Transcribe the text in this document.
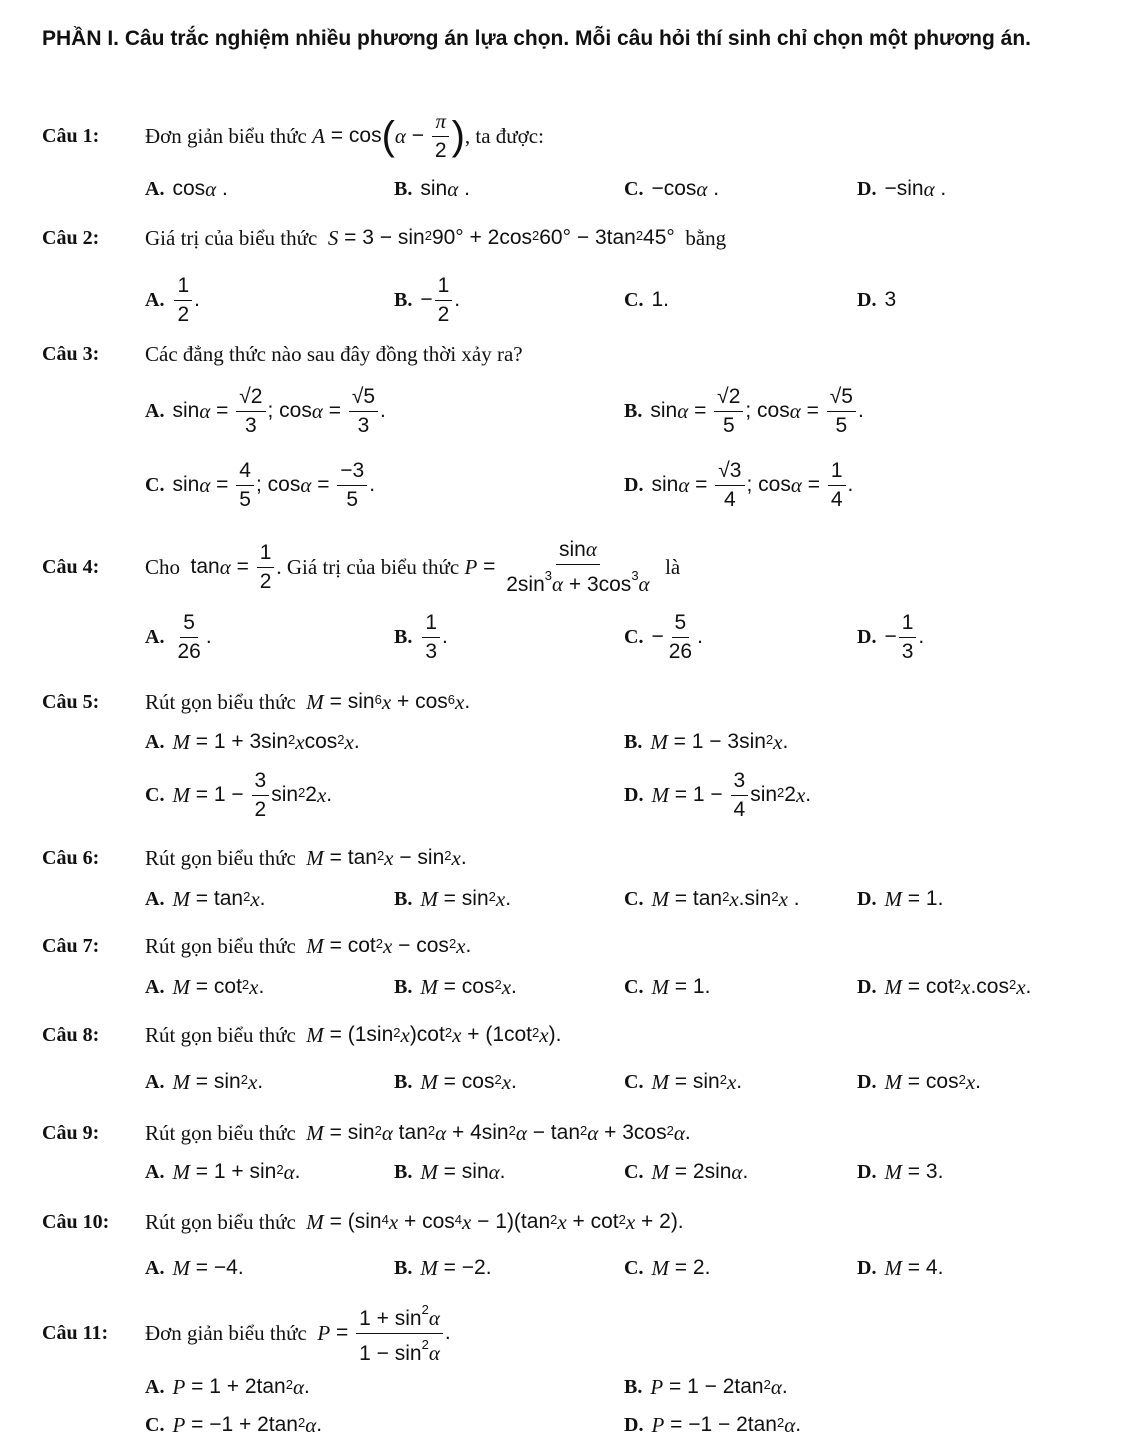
PHẦN I. Câu trắc nghiệm nhiều phương án lựa chọn. Mỗi câu hỏi thí sinh chỉ chọn một phương án.
Câu 1: Đơn giản biểu thức
A = cos ( $\alpha - \frac{\pi}{2}$ ) , ta được:
A. cos α .	B. sin α .	C. −cos α .	D. −sin α .
Câu 2: Giá trị của biểu thức
$S = 3 - \sin^2 90^\circ + 2\cos^2$ $60^\circ - 3\tan^2$ 45°
bằng
A. $\frac{1}{2}$ .	B. − $\frac{1}{2}$ .	C. 1.	D. 3
Câu 3: Các đẳng thức nào sau đây đồng thời xảy ra?
A. $\sin \alpha = \frac{√2}{3}$ ; $\cos \alpha = \frac{√5}{3}$ .	B. $\sin \alpha = \frac{√2}{5}$ ; $\cos \alpha = \frac{√5}{5}$ .
C. $\sin \alpha = \frac{4}{5}$ ; $\cos \alpha = \frac{-3}{5}$ .	D. $\sin \alpha = \frac{√3}{4}$ ; $\cos \alpha = \frac{1}{4}$ .
Câu 4: Cho
$\tan \alpha = \frac{1}{2}$ . Giá trị của biểu thức
$P = \frac{\sin\alpha}{2\sin^3\alpha + 3\cos^3\alpha}$
là
A. $\frac{5}{26}$ .	B. $\frac{1}{3}$ .	C. − $\frac{5}{26}$ .	D. − $\frac{1}{3}$ .
Câu 5: Rút gọn biểu thức
$M = \sin^6 x + \cos^6 x$ .
A. $M = 1 + 3\sin^2$ x $\cos^2 x$ .	B. $M = 1 - 3\sin^2$ x .
C. $M = 1 - \frac{3}{2} \sin^2 2$ x .	D. $M = 1 - \frac{3}{4} \sin^2 2$ x .
Câu 6: Rút gọn biểu thức
$M = \tan^2 x - \sin^2 x$ .
A. $M = \tan^2 x$ .	B. $M = \sin^2 x$ .	C. $M = \tan^2 x$ $.\sin^2$ x .	D. M = 1.
Câu 7: Rút gọn biểu thức
$M = \cot^2 x - \cos^2 x$ .
A. $M = \cot^2 x$ .	B. $M = \cos^2 x$ .	C. M = 1.	D. $M = \cot^2 x$ $.\cos^2$ x .
Câu 8: Rút gọn biểu thức
$M = (1\sin^2$ x )$\cot^2$ $x + (1\cot^2$ x ).
A. $M = \sin^2 x$ .	B. $M = \cos^2 x$ .	C. $M = \sin^2 x$ .	D. $M = \cos^2 x$ .
Câu 9: Rút gọn biểu thức
$M = \sin^2 \alpha$ $\tan^2 \alpha + 4\sin^2$ $\alpha - \tan^2 \alpha + 3\cos^2$ α .
A. $M = 1 + \sin^2 \alpha$ .	B. M = sin α .	C. M = 2sin α .	D. M = 3.
Câu 10: Rút gọn biểu thức
$M = (\sin^4$ $x + \cos^4 x - 1)(\tan^2$ $x + \cot^2 x + 2$).
A. M = −4.	B. M = −2.	C. M = 2.	D. M = 4.
Câu 11: Đơn giản biểu thức
$P = \frac{1 + \sin^2\alpha}{1 - \sin^2\alpha}$ .
A. $P = 1 + 2\tan^2$ α .	B. $P = 1 - 2\tan^2$ α .
C. $P = -1 + 2\tan^2$ α .	D. $P = -1 - 2\tan^2$ α .
